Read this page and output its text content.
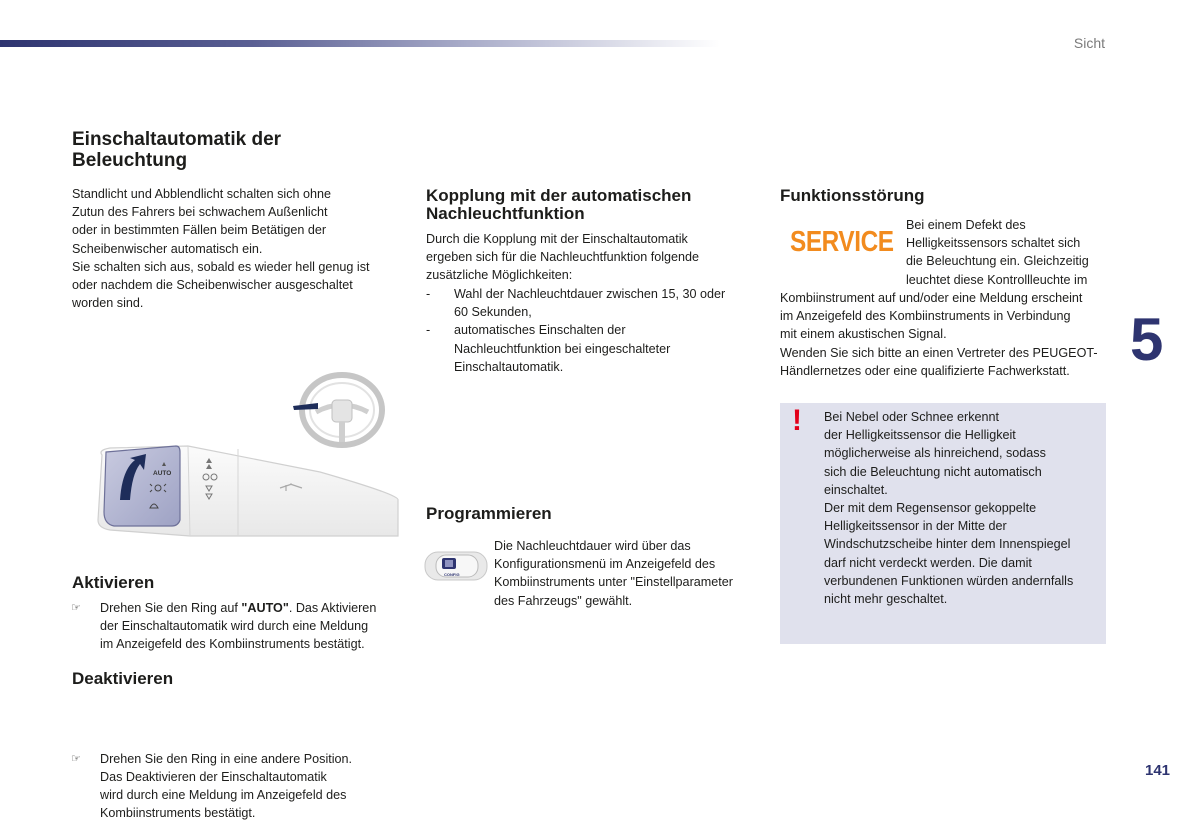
Sicht
Einschaltautomatik der
Beleuchtung
Standlicht und Abblendlicht schalten sich ohne
Zutun des Fahrers bei schwachem Außenlicht
oder in bestimmten Fällen beim Betätigen der
Scheibenwischer automatisch ein.
Sie schalten sich aus, sobald es wieder hell genug ist
oder nachdem die Scheibenwischer ausgeschaltet
worden sind.
AUTO
Aktivieren
☞ Drehen Sie den Ring auf "AUTO". Das Aktivieren
der Einschaltautomatik wird durch eine Meldung
im Anzeigefeld des Kombiinstruments bestätigt.
Deaktivieren
☞ Drehen Sie den Ring in eine andere Position.
Das Deaktivieren der Einschaltautomatik
wird durch eine Meldung im Anzeigefeld des
Kombiinstruments bestätigt.
Kopplung mit der automatischen
Nachleuchtfunktion
Durch die Kopplung mit der Einschaltautomatik
ergeben sich für die Nachleuchtfunktion folgende
zusätzliche Möglichkeiten:
- Wahl der Nachleuchtdauer zwischen 15, 30 oder
60 Sekunden,
- automatisches Einschalten der
Nachleuchtfunktion bei eingeschalteter
Einschaltautomatik.
Programmieren
CONFIG
Die Nachleuchtdauer wird über das
Konfigurationsmenü im Anzeigefeld des
Kombiinstruments unter "Einstellparameter
des Fahrzeugs" gewählt.
Funktionsstörung
SERVICE
Bei einem Defekt des
Helligkeitssensors schaltet sich
die Beleuchtung ein. Gleichzeitig
leuchtet diese Kontrollleuchte im
Kombiinstrument auf und/oder eine Meldung erscheint
im Anzeigefeld des Kombiinstruments in Verbindung
mit einem akustischen Signal.
Wenden Sie sich bitte an einen Vertreter des PEUGEOT-
Händlernetzes oder eine qualifizierte Fachwerkstatt.
! Bei Nebel oder Schnee erkennt
der Helligkeitssensor die Helligkeit
möglicherweise als hinreichend, sodass
sich die Beleuchtung nicht automatisch
einschaltet.
Der mit dem Regensensor gekoppelte
Helligkeitssensor in der Mitte der
Windschutzscheibe hinter dem Innenspiegel
darf nicht verdeckt werden. Die damit
verbundenen Funktionen würden andernfalls
nicht mehr geschaltet.
5
141
